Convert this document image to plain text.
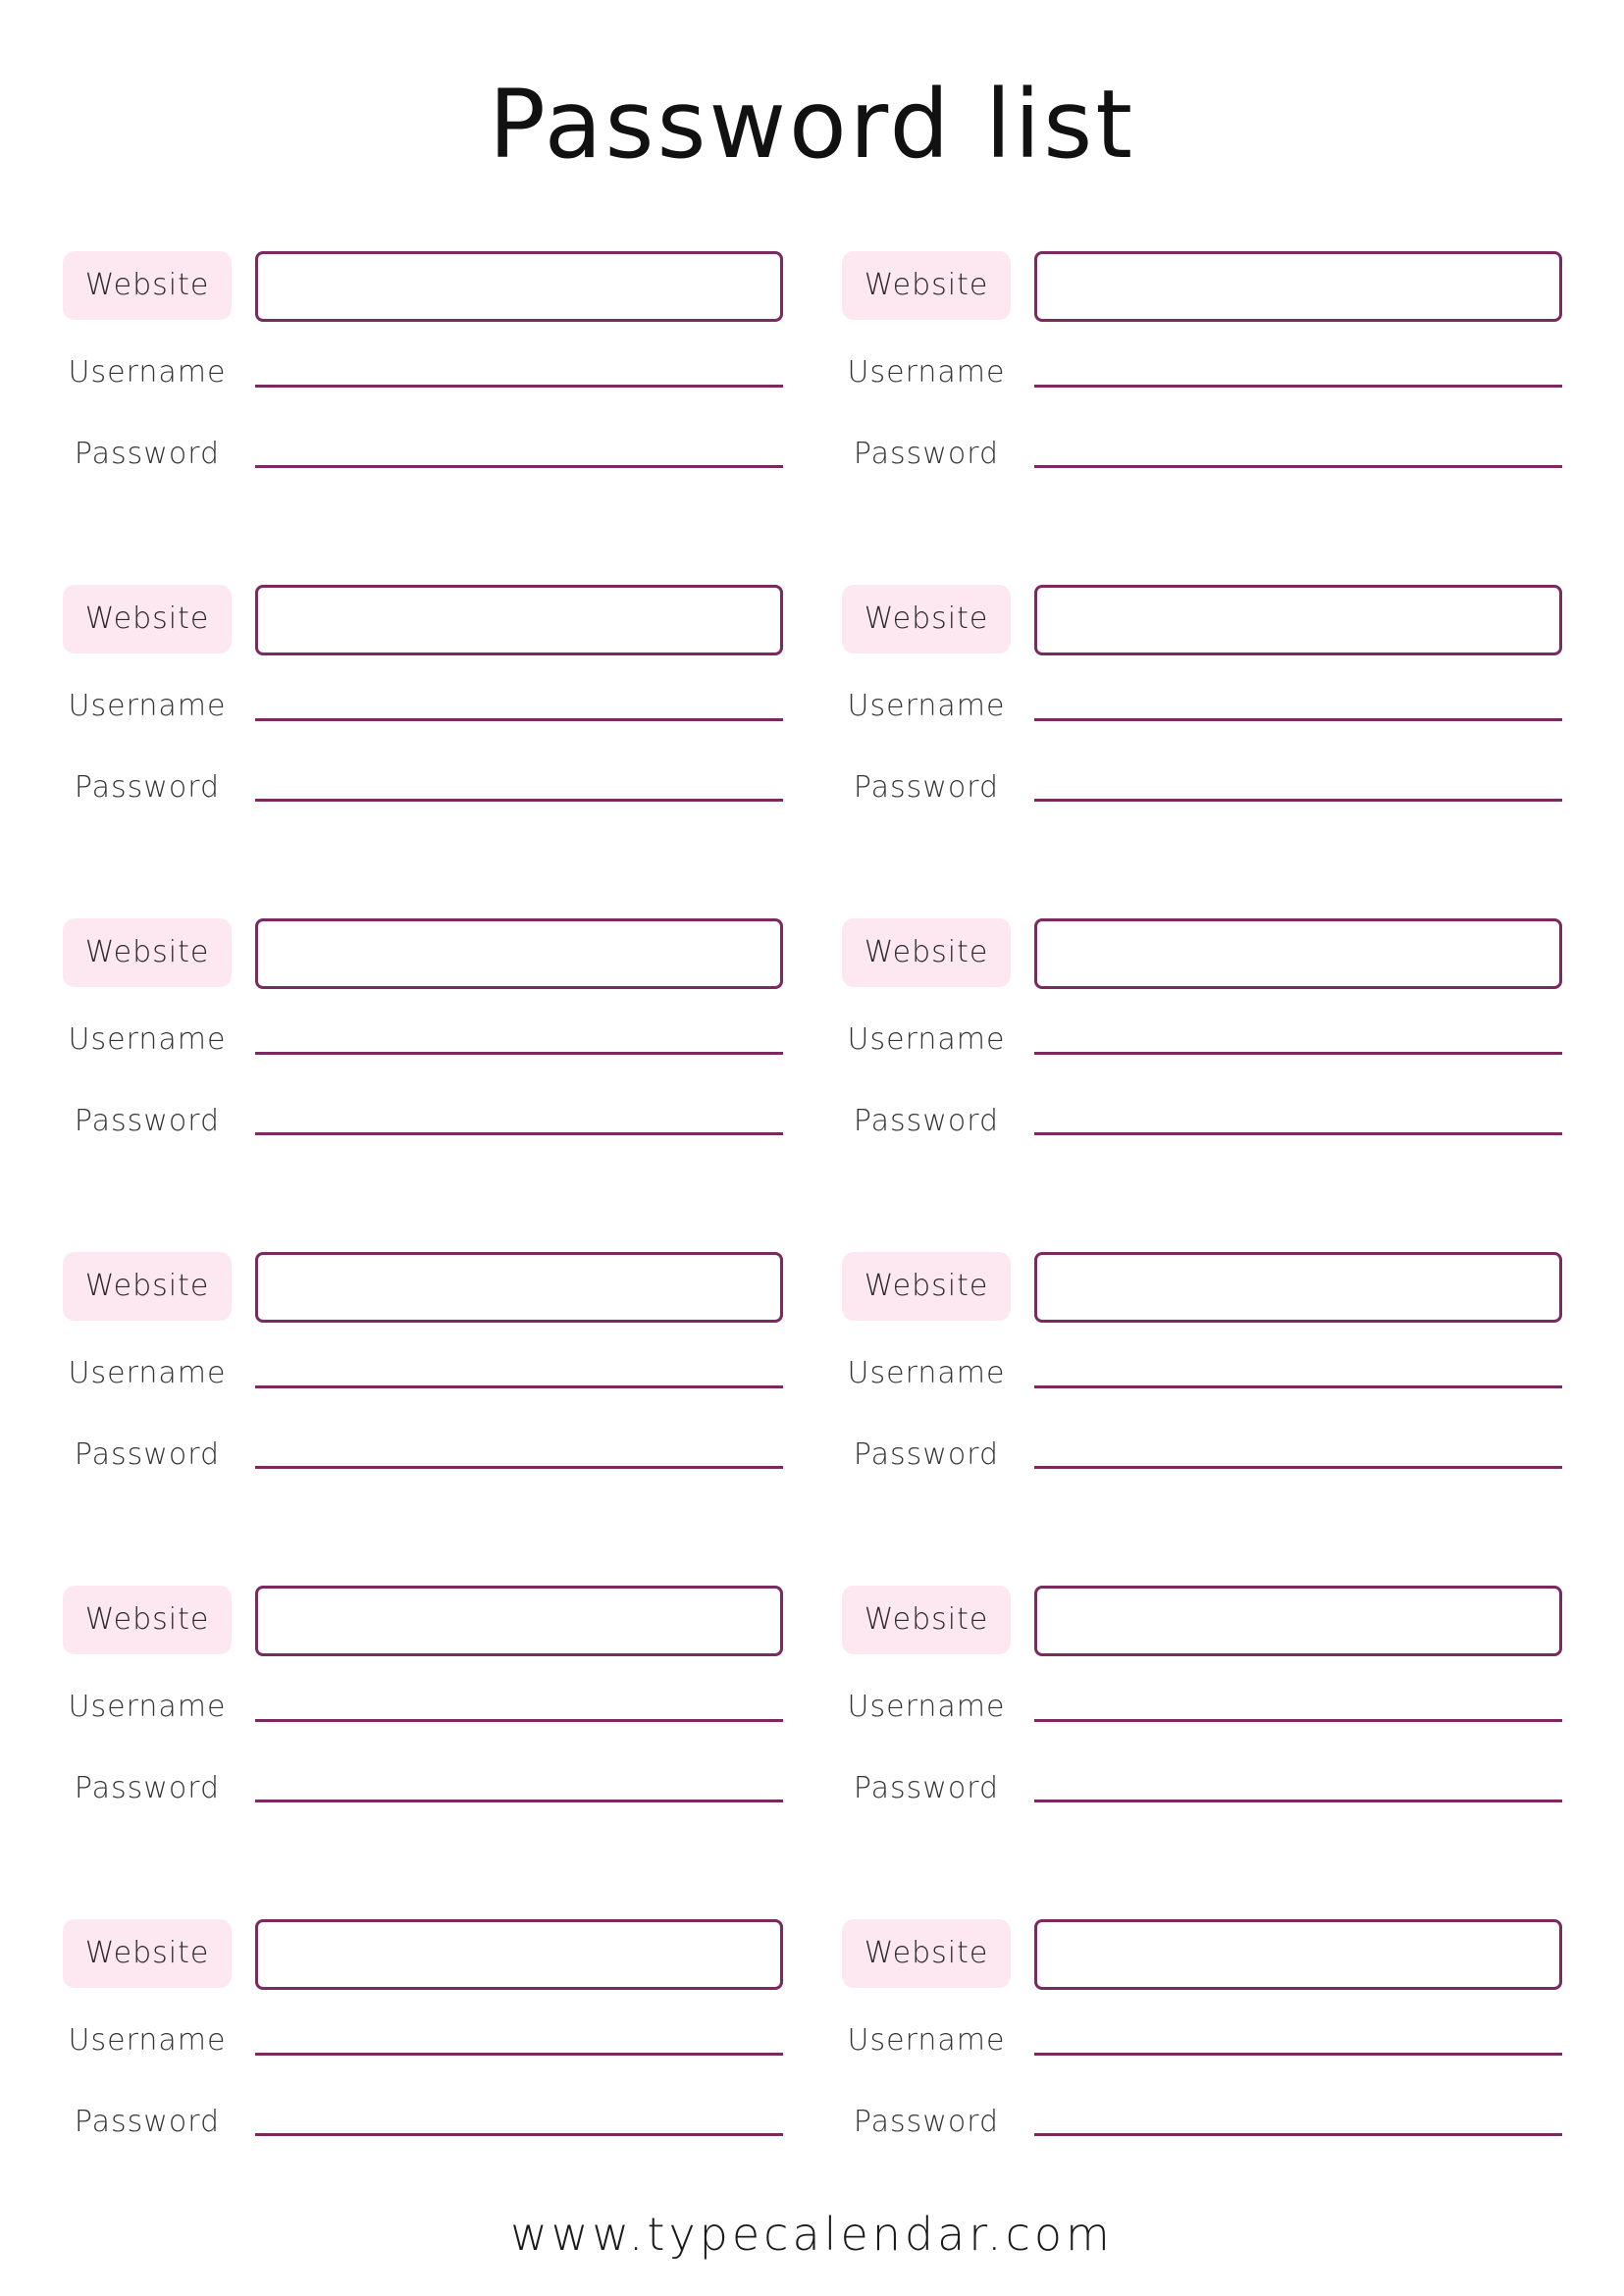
Password list
Website
Username
Password
Website
Username
Password
Website
Username
Password
Website
Username
Password
Website
Username
Password
Website
Username
Password
Website
Username
Password
Website
Username
Password
Website
Username
Password
Website
Username
Password
Website
Username
Password
Website
Username
Password
www.typecalendar.com
